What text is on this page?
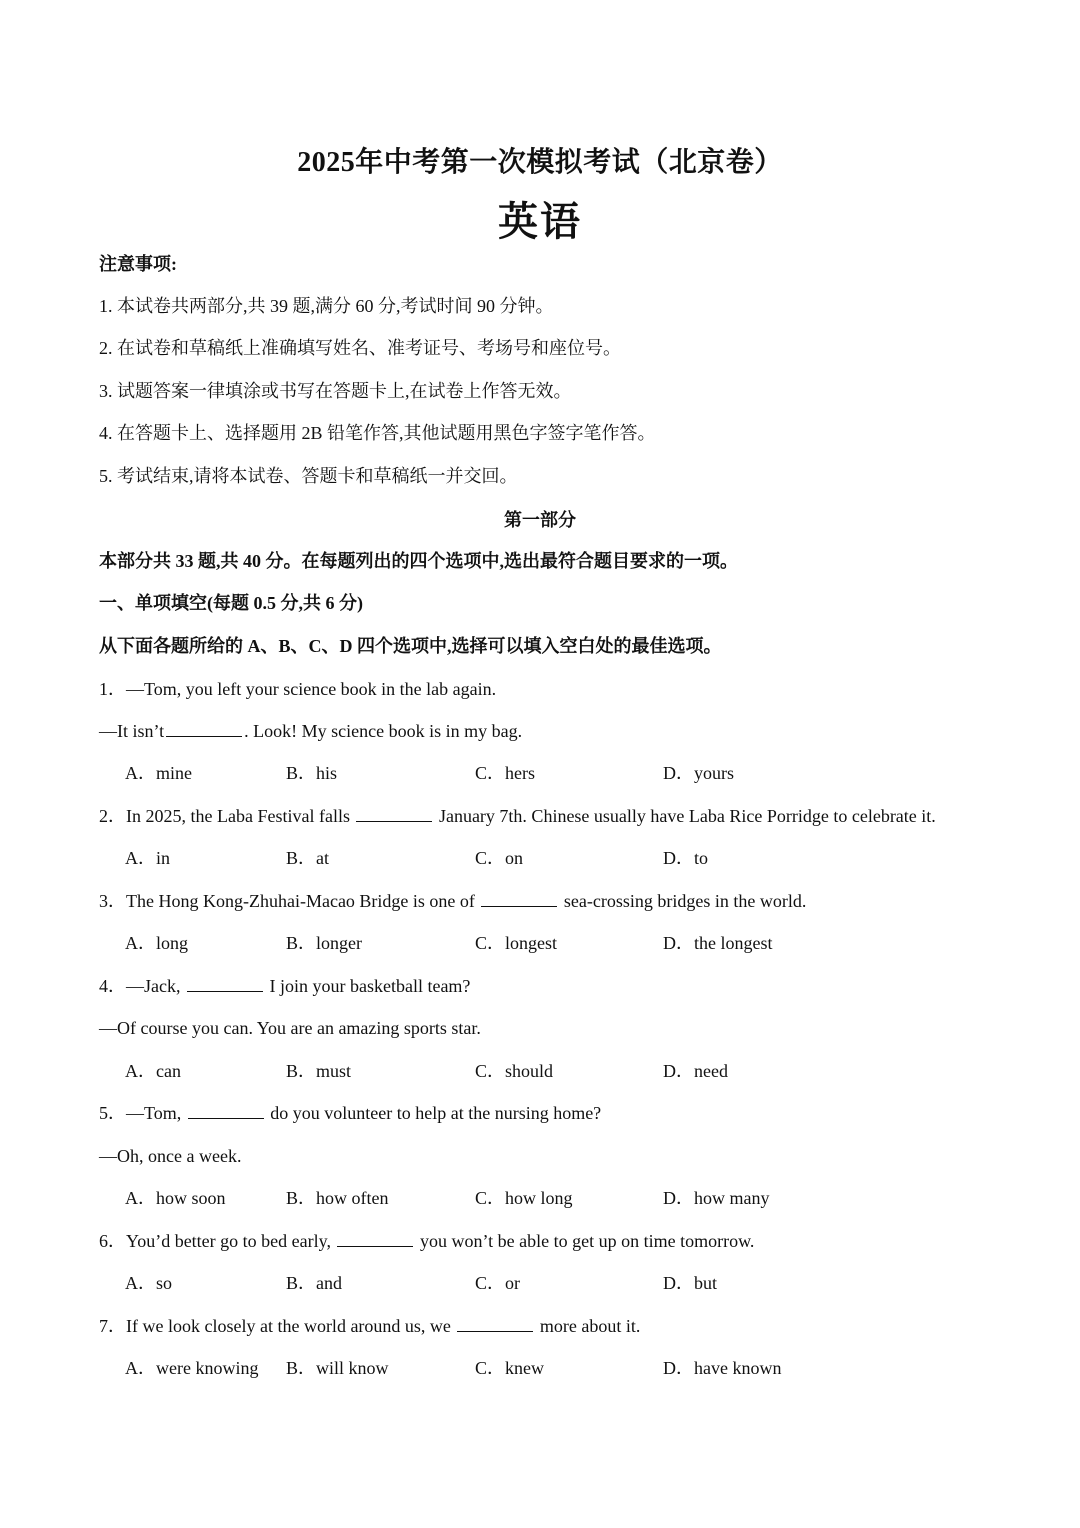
2025年中考第一次模拟考试（北京卷）
英语
注意事项:
1. 本试卷共两部分,共 39 题,满分 60 分,考试时间 90 分钟。
2. 在试卷和草稿纸上准确填写姓名、准考证号、考场号和座位号。
3. 试题答案一律填涂或书写在答题卡上,在试卷上作答无效。
4. 在答题卡上、选择题用 2B 铅笔作答,其他试题用黑色字签字笔作答。
5. 考试结束,请将本试卷、答题卡和草稿纸一并交回。
第一部分
本部分共 33 题,共 40 分。在每题列出的四个选项中,选出最符合题目要求的一项。
一、单项填空(每题 0.5 分,共 6 分)
从下面各题所给的 A、B、C、D 四个选项中,选择可以填入空白处的最佳选项。
1．—Tom, you left your science book in the lab again.
—It isn’t	. Look! My science book is in my bag.
A．mine	B．his	C．hers	D．yours
2．In 2025, the Laba Festival falls	January 7th. Chinese usually have Laba Rice Porridge to celebrate it.
A．in	B．at	C．on	D．to
3．The Hong Kong-Zhuhai-Macao Bridge is one of	sea-crossing bridges in the world.
A．long	B．longer	C．longest	D．the longest
4．—Jack,	I join your basketball team?
—Of course you can. You are an amazing sports star.
A．can	B．must	C．should	D．need
5．—Tom,	do you volunteer to help at the nursing home?
—Oh, once a week.
A．how soon	B．how often	C．how long	D．how many
6．You’d better go to bed early,	you won’t be able to get up on time tomorrow.
A．so	B．and	C．or	D．but
7．If we look closely at the world around us, we	more about it.
A．were knowing B．will know	C．knew	D．have known
